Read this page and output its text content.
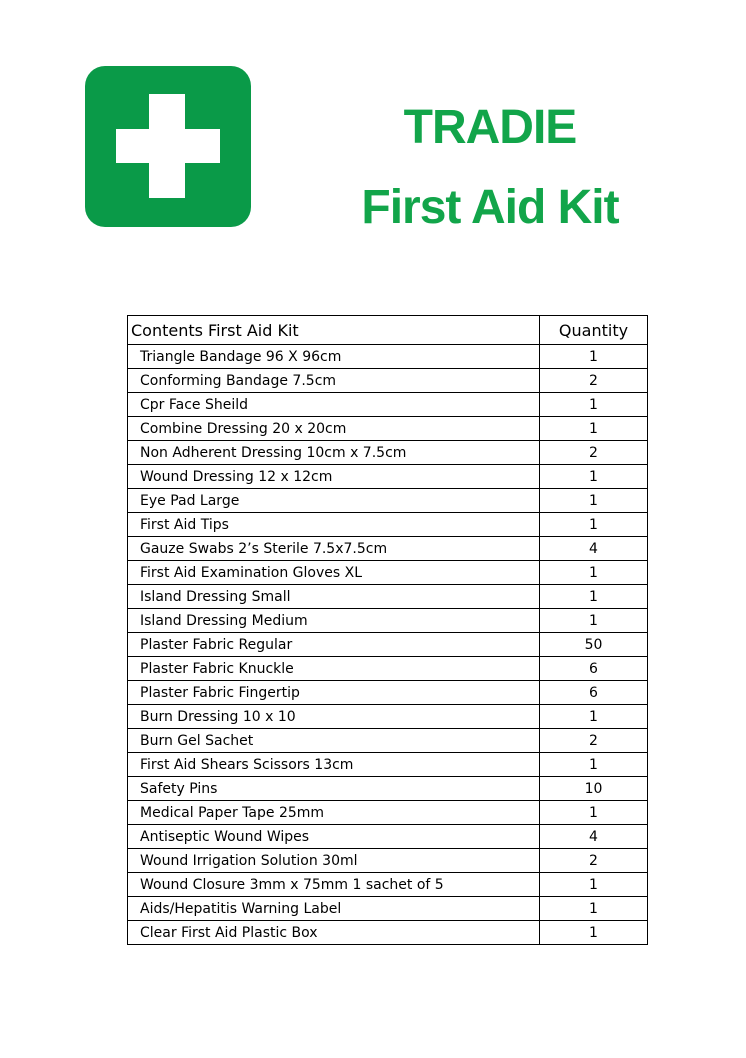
TRADIE
First Aid Kit
Contents First Aid Kit	Quantity
Triangle Bandage 96 X 96cm	1
Conforming Bandage 7.5cm	2
Cpr Face Sheild	1
Combine Dressing 20 x 20cm	1
Non Adherent Dressing 10cm x 7.5cm	2
Wound Dressing 12 x 12cm	1
Eye Pad Large	1
First Aid Tips	1
Gauze Swabs 2’s Sterile 7.5x7.5cm	4
First Aid Examination Gloves XL	1
Island Dressing Small	1
Island Dressing Medium	1
Plaster Fabric Regular	50
Plaster Fabric Knuckle	6
Plaster Fabric Fingertip	6
Burn Dressing 10 x 10	1
Burn Gel Sachet	2
First Aid Shears Scissors 13cm	1
Safety Pins	10
Medical Paper Tape 25mm	1
Antiseptic Wound Wipes	4
Wound Irrigation Solution 30ml	2
Wound Closure 3mm x 75mm 1 sachet of 5	1
Aids/Hepatitis Warning Label	1
Clear First Aid Plastic Box	1
